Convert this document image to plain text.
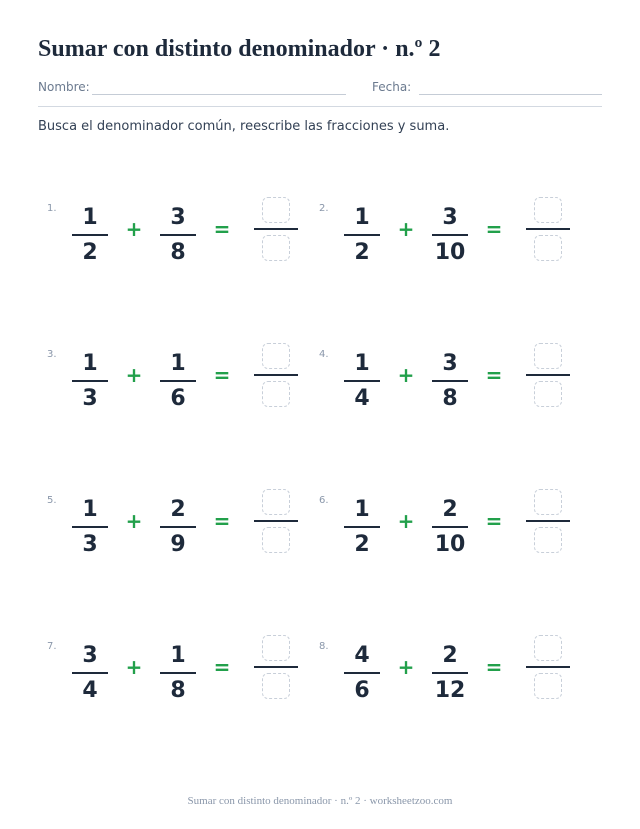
Sumar con distinto denominador · n.º 2
Nombre:	Fecha:
Busca el denominador común, reescribe las fracciones y suma.
1.	1
2
+	3
8
=
2.	1
2
+	3
10
=
3.	1
3
+	1
6
=
4.	1
4
+	3
8
=
5.	1
3
+	2
9
=
6.	1
2
+	2
10
=
7.	3
4
+	1
8
=
8.	4
6
+	2
12
=
Sumar con distinto denominador · n.º 2 · worksheetzoo.com
